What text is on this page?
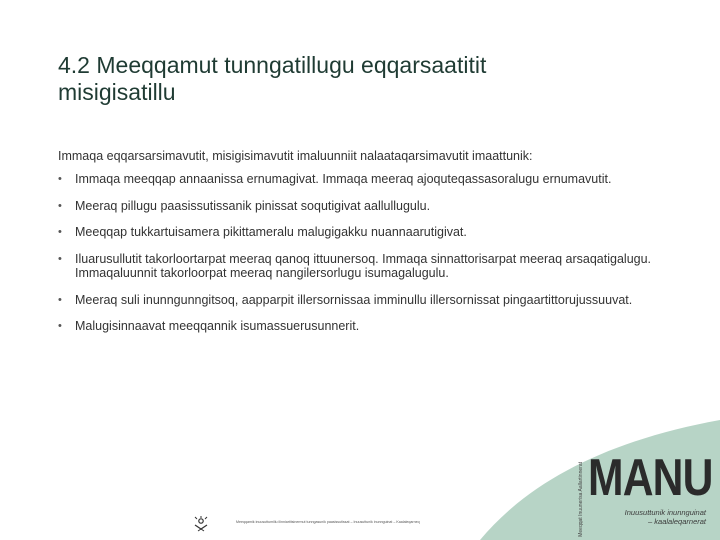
4.2 Meeqqamut tunngatillugu eqqarsaatitit
misigisatillu
Immaqa eqqarsarsimavutit, misigisimavutit imaluunniit nalaataqarsimavutit imaattunik:
• Immaqa meeqqap annaanissa ernumagivat. Immaqa meeraq ajoquteqassasoralugu ernumavutit.
• Meeraq pillugu paasissutissanik pinissat soqutigivat aallullugulu.
• Meeqqap tukkartuisamera pikittameralu malugigakku nuannaarutigivat.
• Iluarusullutit takorloortarpat meeraq qanoq ittuunersoq. Immaqa sinnattorisarpat meeraq arsaqatigalugu. Immaqaluunnit takorloorpat meeraq nangilersorlugu isumagalugulu.
• Meeraq suli inunngunngitsoq, aapparpit illersornissaa imminullu illersornissat pingaartittorujussuuvat.
• Malugisinnaavat meeqqannik isumassuerusunnerit.
Meeqqat Inuunerisa Aallartinnerat MANU
Inuusuttunik inunnguinat
– kaalaleqarnerat
Meeqqamik inuusuttumillu ilinniartitsinermut tunngasunik paasissutissat – Inuusuttunik inunnguinat – Kaalaleqarneq
